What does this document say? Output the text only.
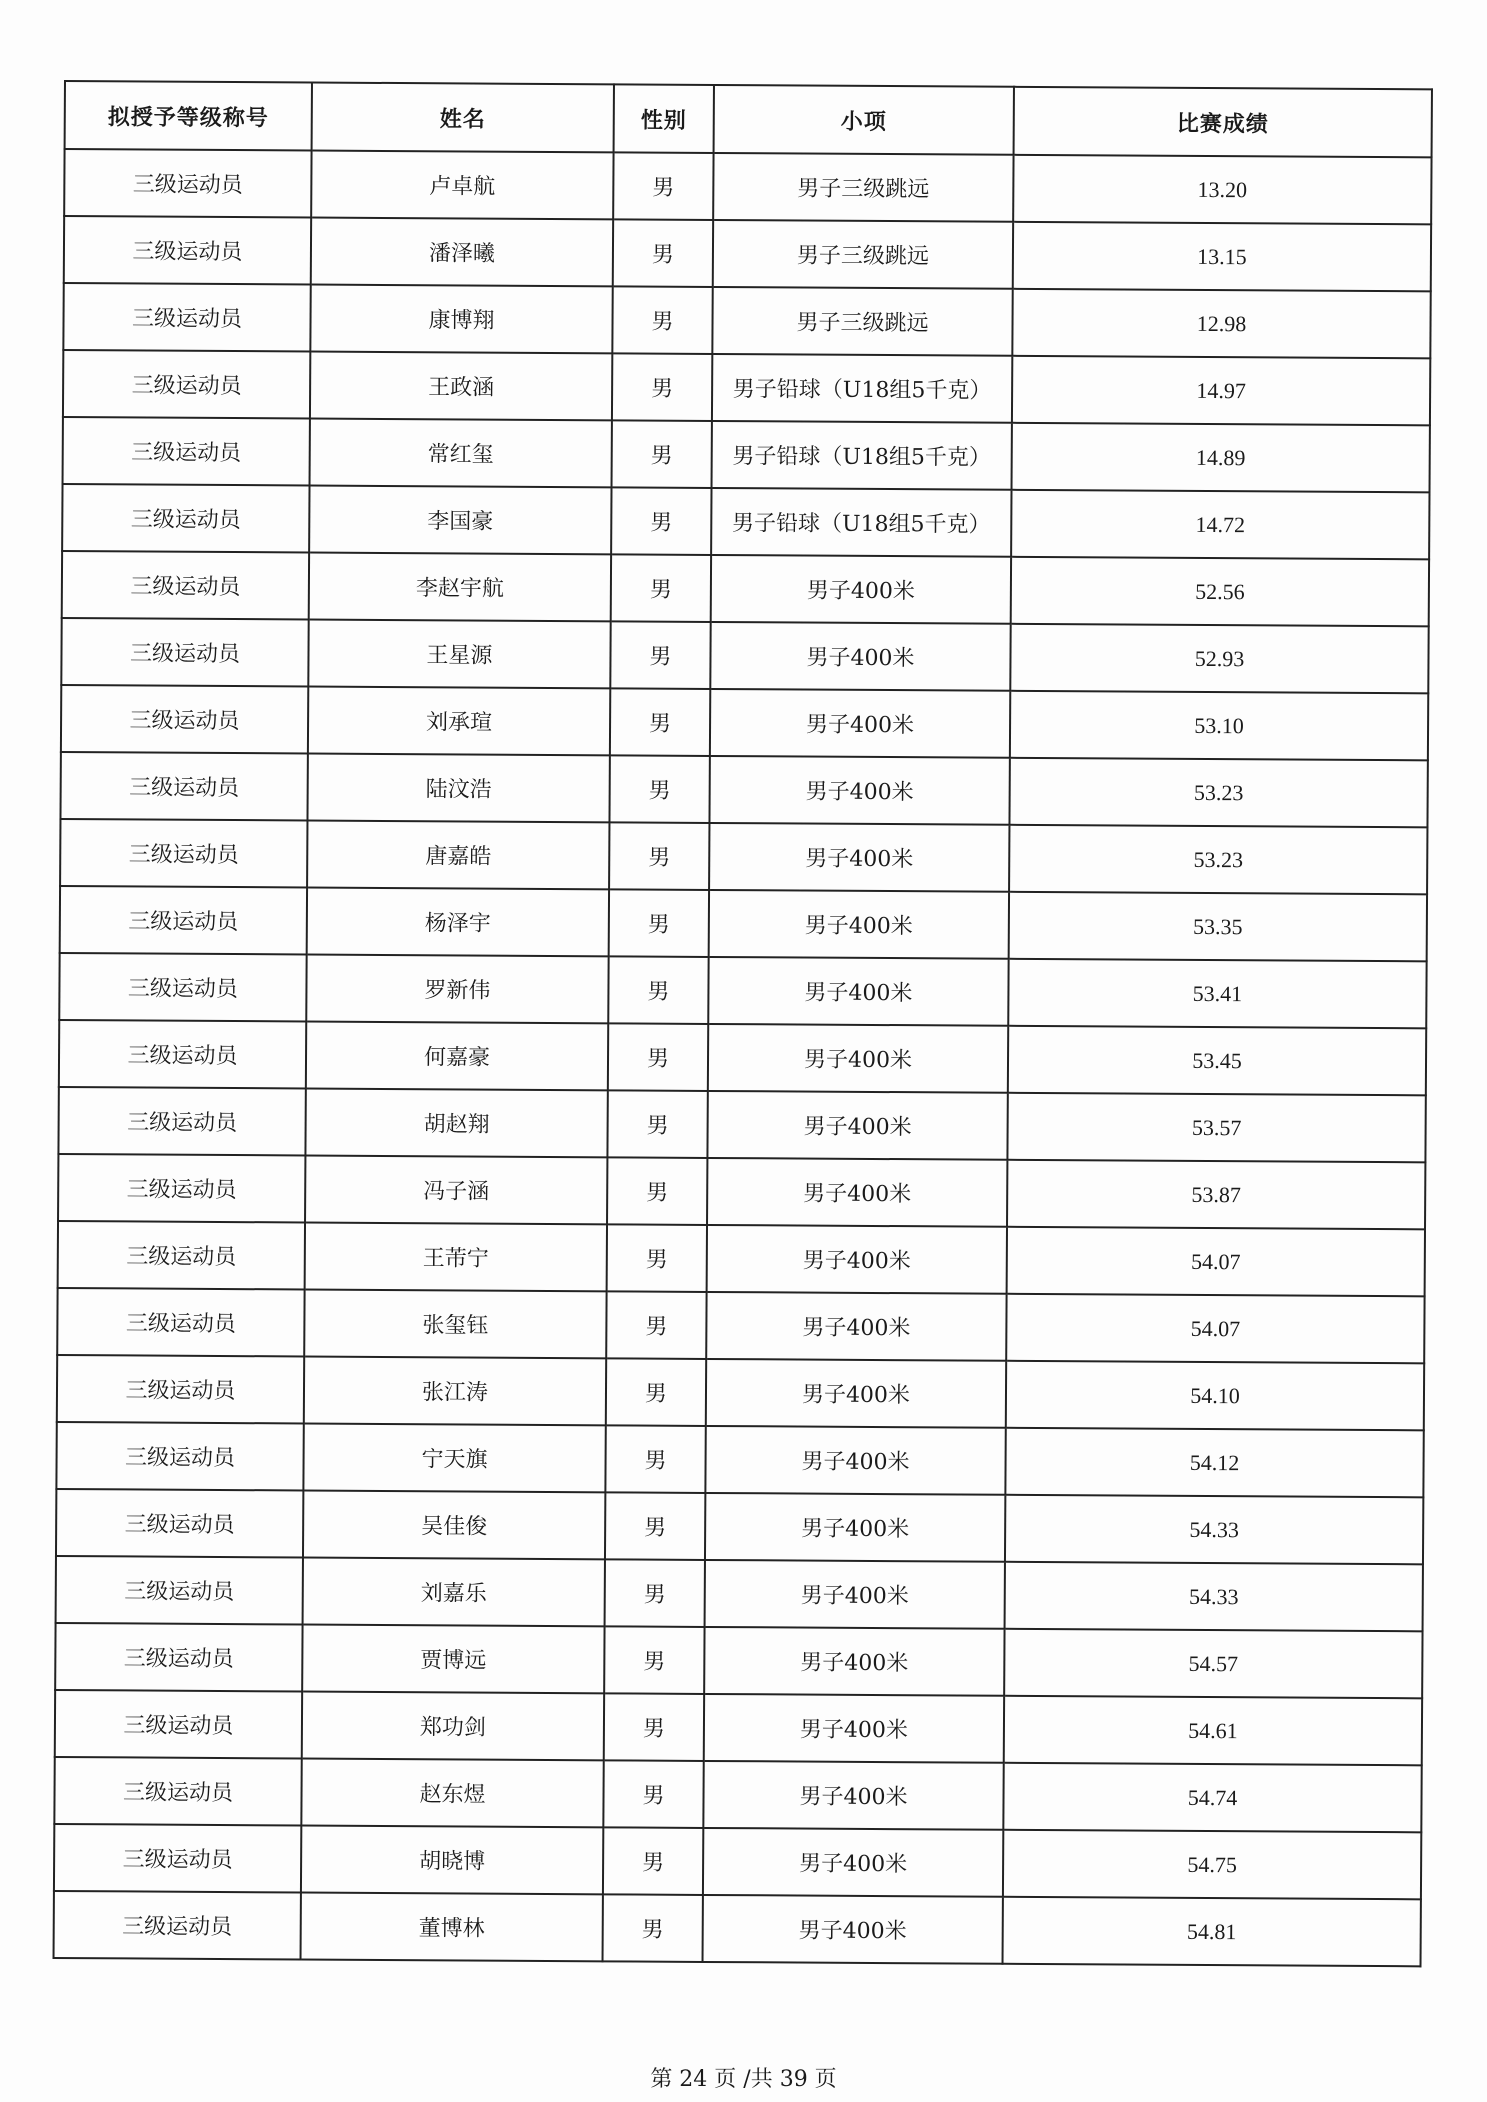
拟授予等级称号	姓名	性别	小项	比赛成绩
三级运动员	卢卓航	男	男子三级跳远	13.20
三级运动员	潘泽曦	男	男子三级跳远	13.15
三级运动员	康博翔	男	男子三级跳远	12.98
三级运动员	王政涵	男	男子铅球（U18组5千克）	14.97
三级运动员	常红玺	男	男子铅球（U18组5千克）	14.89
三级运动员	李国豪	男	男子铅球（U18组5千克）	14.72
三级运动员	李赵宇航	男	男子400米	52.56
三级运动员	王星源	男	男子400米	52.93
三级运动员	刘承瑄	男	男子400米	53.10
三级运动员	陆汶浩	男	男子400米	53.23
三级运动员	唐嘉皓	男	男子400米	53.23
三级运动员	杨泽宇	男	男子400米	53.35
三级运动员	罗新伟	男	男子400米	53.41
三级运动员	何嘉豪	男	男子400米	53.45
三级运动员	胡赵翔	男	男子400米	53.57
三级运动员	冯子涵	男	男子400米	53.87
三级运动员	王芾宁	男	男子400米	54.07
三级运动员	张玺钰	男	男子400米	54.07
三级运动员	张江涛	男	男子400米	54.10
三级运动员	宁天旗	男	男子400米	54.12
三级运动员	吴佳俊	男	男子400米	54.33
三级运动员	刘嘉乐	男	男子400米	54.33
三级运动员	贾博远	男	男子400米	54.57
三级运动员	郑功剑	男	男子400米	54.61
三级运动员	赵东煜	男	男子400米	54.74
三级运动员	胡晓博	男	男子400米	54.75
三级运动员	董博林	男	男子400米	54.81
第 24 页 /共 39 页
